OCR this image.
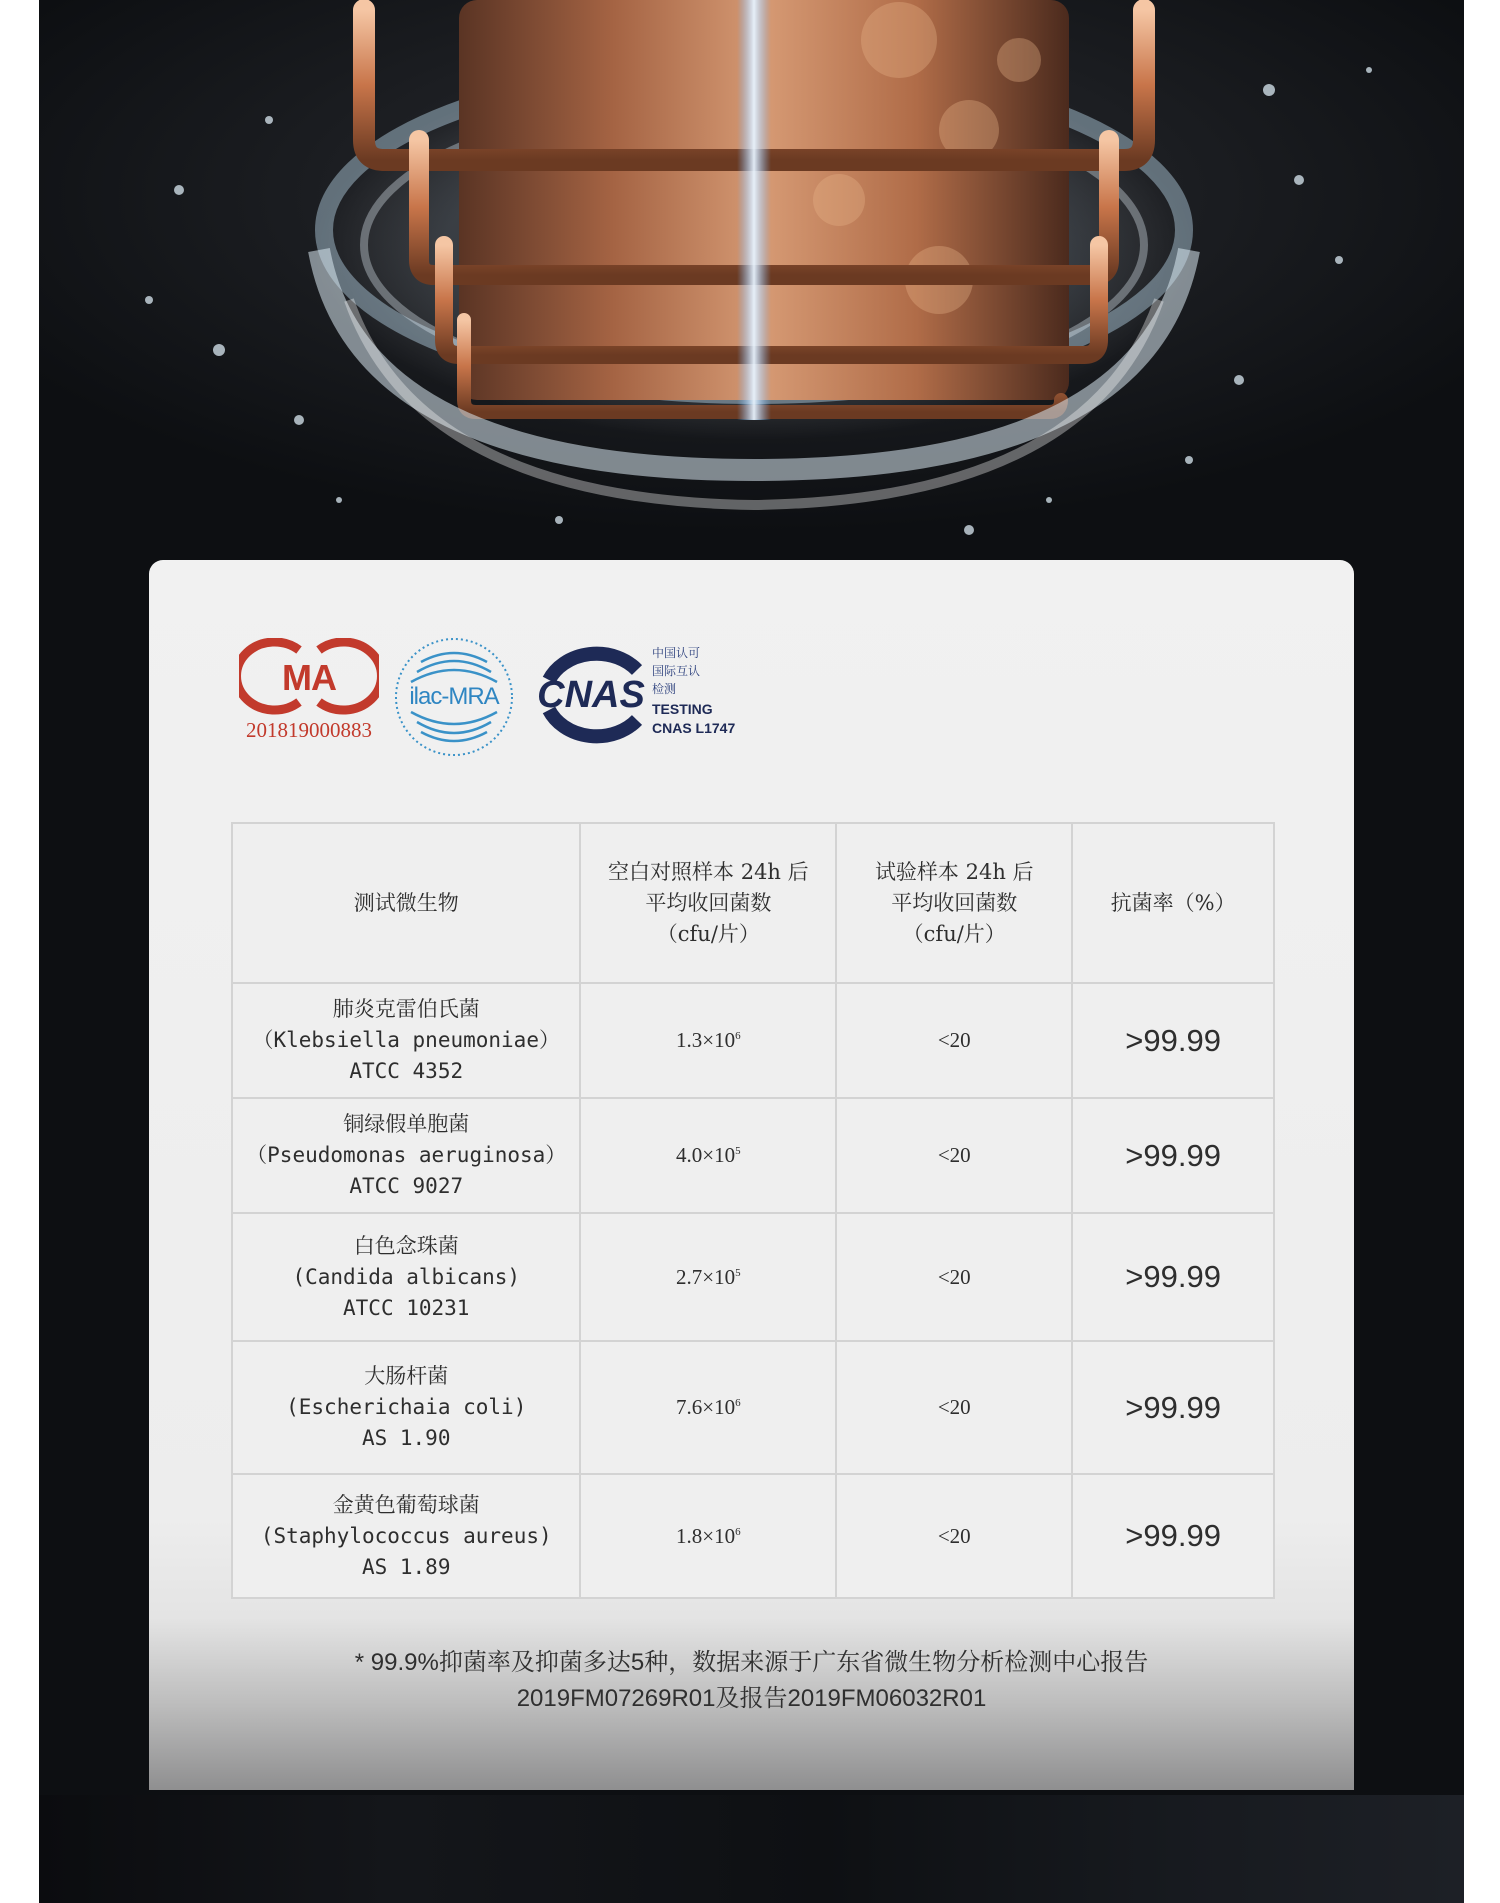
MA
201819000883
ilac-MRA CNAS
中国认可
国际互认
检测
TESTING
CNAS L1747
测试微生物	空白对照样本 24h 后
平均收回菌数
（cfu/片）	试验样本 24h 后
平均收回菌数
（cfu/片）	抗菌率（%）
肺炎克雷伯氏菌
（Klebsiella pneumoniae）
ATCC 4352	$1.3\times 10^6$	<20	>99.99
铜绿假单胞菌
（Pseudomonas aeruginosa）
ATCC 9027	$4.0\times 10^5$	<20	>99.99
白色念珠菌
(Candida albicans)
ATCC 10231	$2.7\times 10^5$	<20	>99.99
大肠杆菌
(Escherichaia coli)
AS 1.90	$7.6\times 10^6$	<20	>99.99
金黄色葡萄球菌
(Staphylococcus aureus)
AS 1.89	$1.8\times 10^6$	<20	>99.99
* 99.9%抑菌率及抑菌多达5种，数据来源于广东省微生物分析检测中心报告
2019FM07269R01及报告2019FM06032R01
